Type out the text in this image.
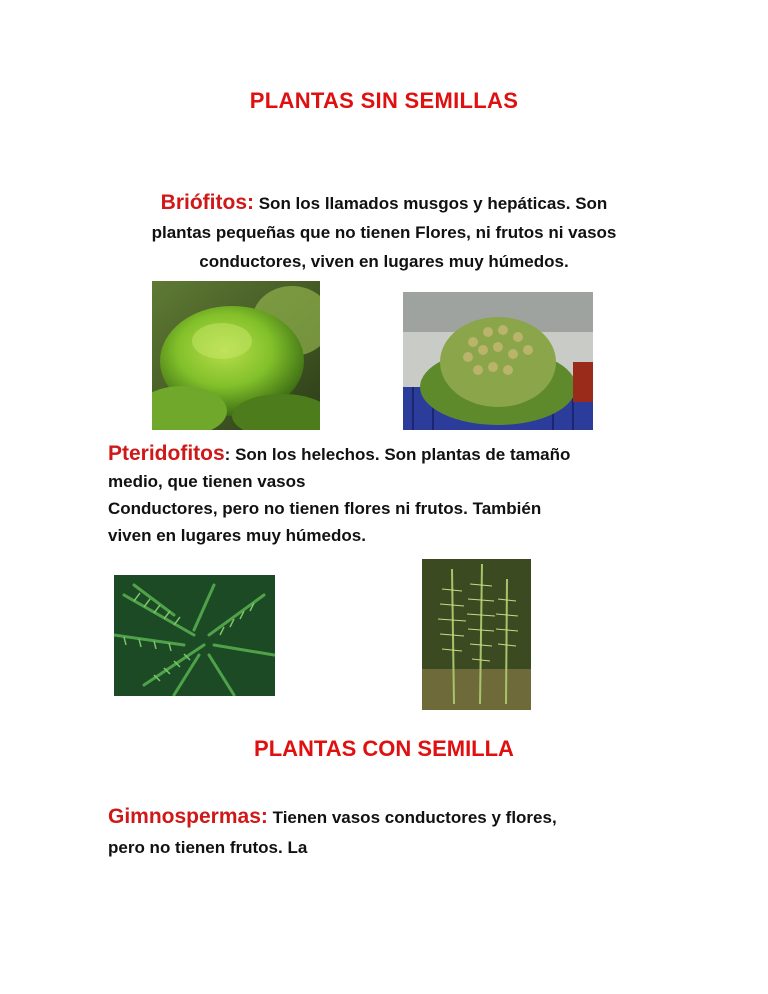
PLANTAS SIN SEMILLAS
Briófitos: Son los llamados musgos y hepáticas. Son
plantas pequeñas que no tienen Flores, ni frutos ni vasos
conductores, viven en lugares muy húmedos.
Pteridofitos: Son los helechos. Son plantas de tamaño
medio, que tienen vasos
Conductores, pero no tienen flores ni frutos. También
viven en lugares muy húmedos.
PLANTAS CON SEMILLA
Gimnospermas: Tienen vasos conductores y flores,
pero no tienen frutos. La
